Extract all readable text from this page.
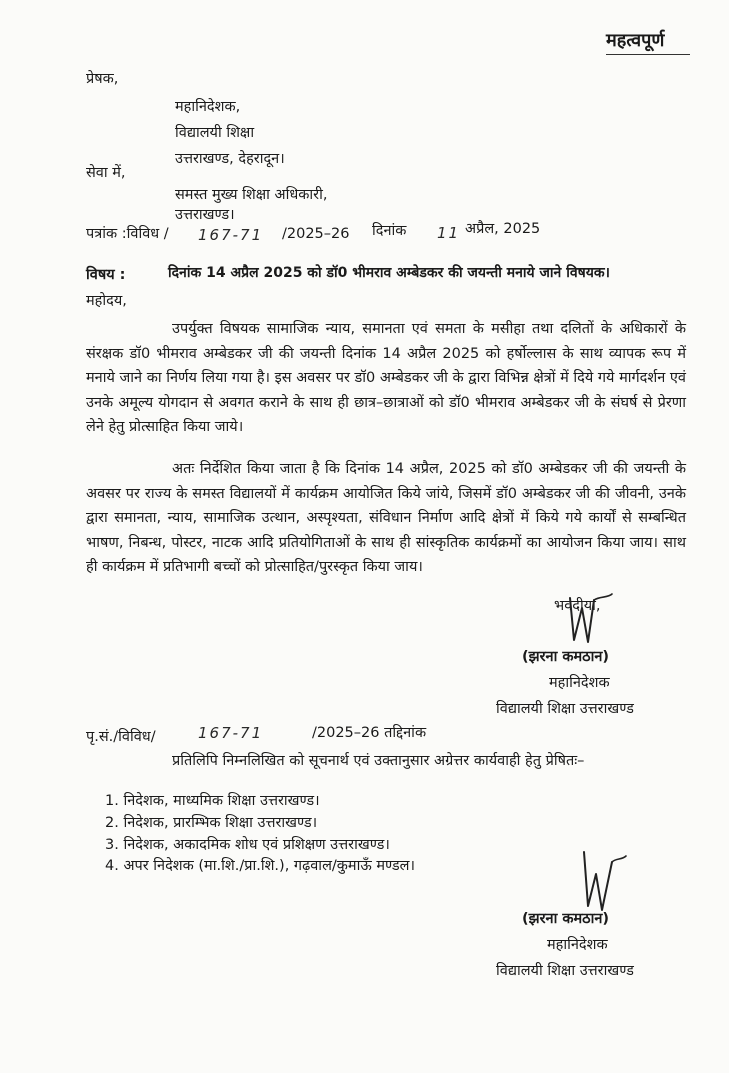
महत्वपूर्ण
प्रेषक,
महानिदेशक,
विद्यालयी शिक्षा
उत्तराखण्ड, देहरादून।
सेवा में,
समस्त मुख्य शिक्षा अधिकारी,
उत्तराखण्ड।
पत्रांक :विविध / 167-71 /2025–26 दिनांक 11 अप्रैल, 2025
विषय :	दिनांक 14 अप्रैल 2025 को डॉ0 भीमराव अम्बेडकर की जयन्ती मनाये जाने विषयक।
महोदय,
उपर्युक्त विषयक सामाजिक न्याय, समानता एवं समता के मसीहा तथा दलितों के अधिकारों के संरक्षक डॉ0 भीमराव अम्बेडकर जी की जयन्ती दिनांक 14 अप्रैल 2025 को हर्षोल्लास के साथ व्यापक रूप में मनाये जाने का निर्णय लिया गया है। इस अवसर पर डॉ0 अम्बेडकर जी के द्वारा विभिन्न क्षेत्रों में दिये गये मार्गदर्शन एवं उनके अमूल्य योगदान से अवगत कराने के साथ ही छात्र–छात्राओं को डॉ0 भीमराव अम्बेडकर जी के संघर्ष से प्रेरणा लेने हेतु प्रोत्साहित किया जाये।
अतः निर्देशित किया जाता है कि दिनांक 14 अप्रैल, 2025 को डॉ0 अम्बेडकर जी की जयन्ती के अवसर पर राज्य के समस्त विद्यालयों में कार्यक्रम आयोजित किये जांये, जिसमें डॉ0 अम्बेडकर जी की जीवनी, उनके द्वारा समानता, न्याय, सामाजिक उत्थान, अस्पृश्यता, संविधान निर्माण आदि क्षेत्रों में किये गये कार्यों से सम्बन्धित भाषण, निबन्ध, पोस्टर, नाटक आदि प्रतियोगिताओं के साथ ही सांस्कृतिक कार्यक्रमों का आयोजन किया जाय। साथ ही कार्यक्रम में प्रतिभागी बच्चों को प्रोत्साहित/पुरस्कृत किया जाय।
भवदीया,
(झरना कमठान)
महानिदेशक
विद्यालयी शिक्षा उत्तराखण्ड
पृ.सं./विविध/	167-71	/2025–26 तद्दिनांक
प्रतिलिपि निम्नलिखित को सूचनार्थ एवं उक्तानुसार अग्रेत्तर कार्यवाही हेतु प्रेषितः–
1. निदेशक, माध्यमिक शिक्षा उत्तराखण्ड।
2. निदेशक, प्रारम्भिक शिक्षा उत्तराखण्ड।
3. निदेशक, अकादमिक शोध एवं प्रशिक्षण उत्तराखण्ड।
4. अपर निदेशक (मा.शि./प्रा.शि.), गढ़वाल/कुमाऊँ मण्डल।
(झरना कमठान)
महानिदेशक
विद्यालयी शिक्षा उत्तराखण्ड
